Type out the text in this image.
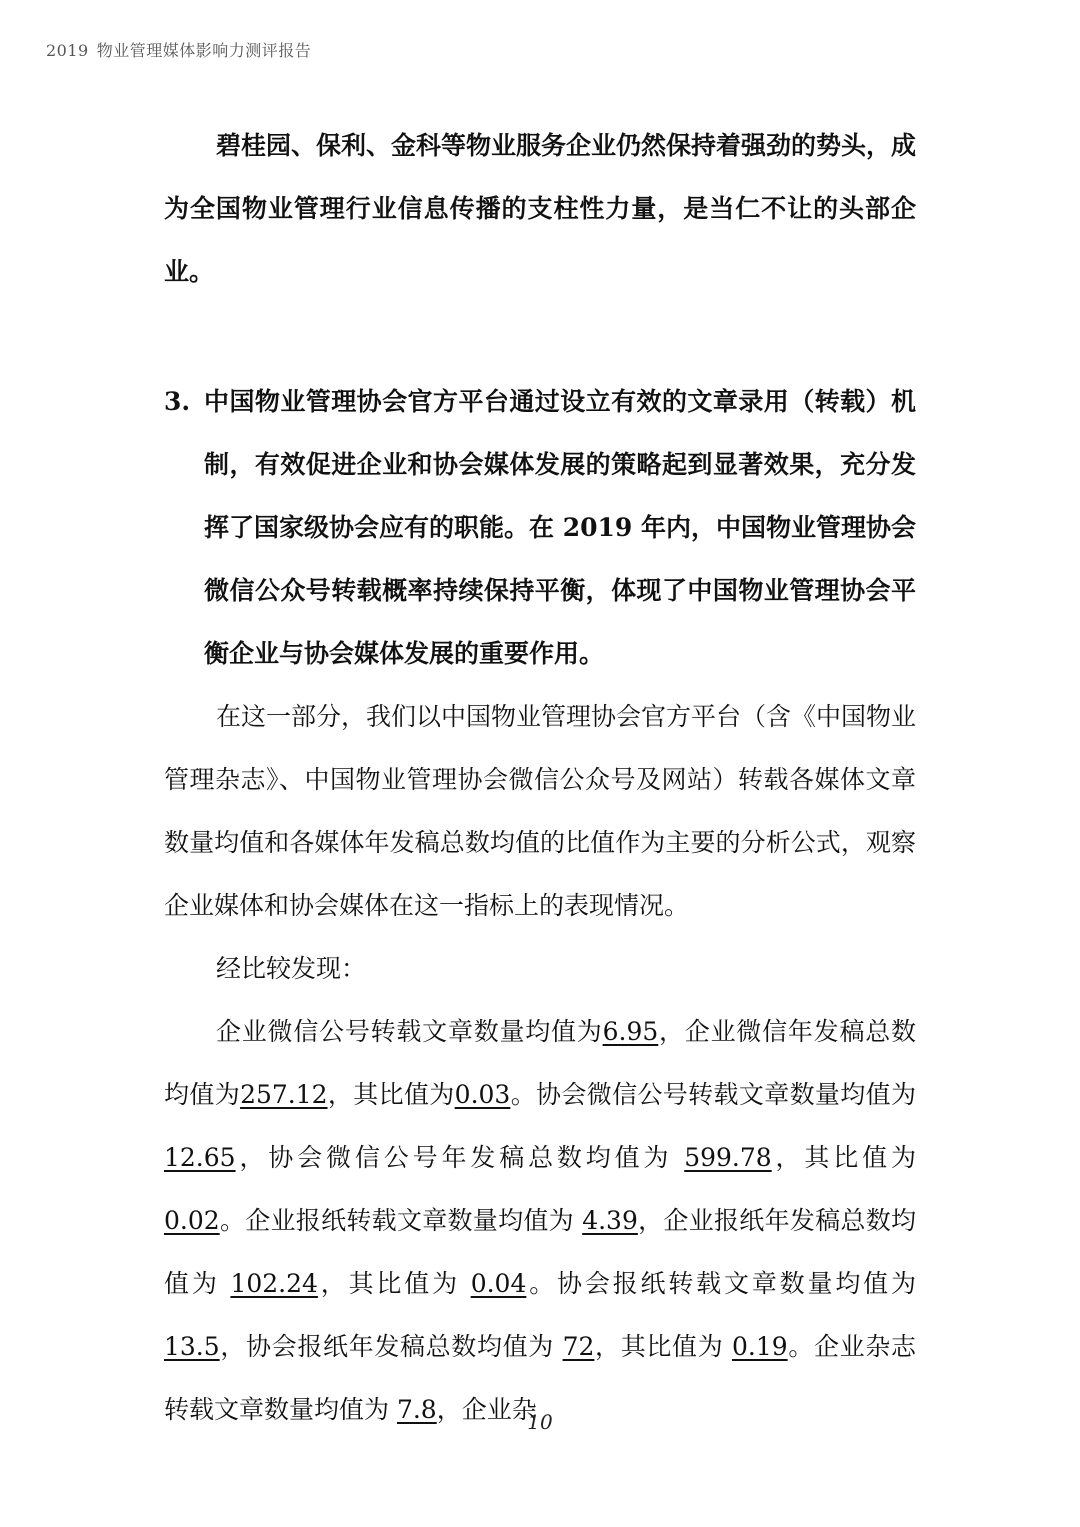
2019 物业管理媒体影响力测评报告

碧桂园、保利、金科等物业服务企业仍然保持着强劲的势头，成为全国物业管理行业信息传播的支柱性力量，是当仁不让的头部企业。

3. 中国物业管理协会官方平台通过设立有效的文章录用（转载）机制，有效促进企业和协会媒体发展的策略起到显著效果，充分发挥了国家级协会应有的职能。在 2019 年内，中国物业管理协会微信公众号转载概率持续保持平衡，体现了中国物业管理协会平衡企业与协会媒体发展的重要作用。

在这一部分，我们以中国物业管理协会官方平台（含《中国物业管理杂志》、中国物业管理协会微信公众号及网站）转载各媒体文章数量均值和各媒体年发稿总数均值的比值作为主要的分析公式，观察企业媒体和协会媒体在这一指标上的表现情况。

经比较发现：

企业微信公号转载文章数量均值为6.95，企业微信年发稿总数均值为257.12，其比值为0.03。协会微信公号转载文章数量均值为12.65，协会微信公号年发稿总数均值为 599.78，其比值为 0.02。企业报纸转载文章数量均值为 4.39，企业报纸年发稿总数均值为 102.24，其比值为 0.04。协会报纸转载文章数量均值为 13.5，协会报纸年发稿总数均值为 72，其比值为 0.19。企业杂志转载文章数量均值为 7.8，企业杂

10
